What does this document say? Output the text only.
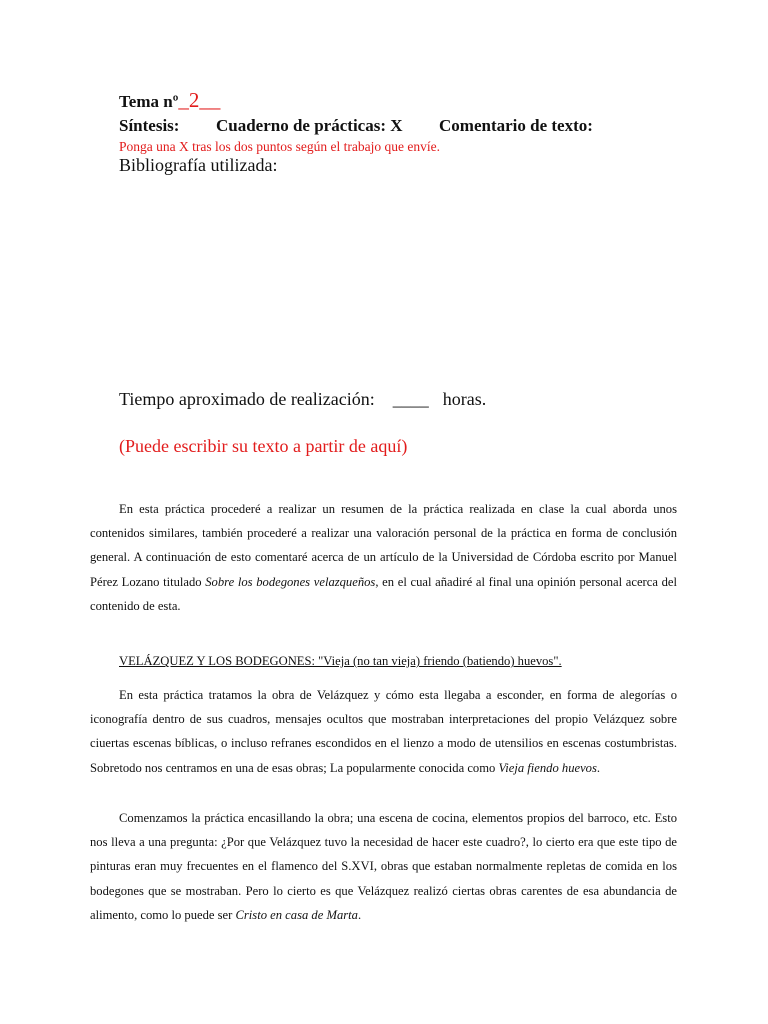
Tema nº_2__
Síntesis: Cuaderno de prácticas: X Comentario de texto:
Ponga una X tras los dos puntos según el trabajo que envíe.
Bibliografía utilizada:
Tiempo aproximado de realización: ____ horas.
(Puede escribir su texto a partir de aquí)

En esta práctica procederé a realizar un resumen de la práctica realizada en clase la cual aborda unos contenidos similares, también procederé a realizar una valoración personal de la práctica en forma de conclusión general. A continuación de esto comentaré acerca de un artículo de la Universidad de Córdoba escrito por Manuel Pérez Lozano titulado Sobre los bodegones velazqueños, en el cual añadiré al final una opinión personal acerca del contenido de esta.

VELÁZQUEZ Y LOS BODEGONES: "Vieja (no tan vieja) friendo (batiendo) huevos".

En esta práctica tratamos la obra de Velázquez y cómo esta llegaba a esconder, en forma de alegorías o iconografía dentro de sus cuadros, mensajes ocultos que mostraban interpretaciones del propio Velázquez sobre ciuertas escenas bíblicas, o incluso refranes escondidos en el lienzo a modo de utensilios en escenas costumbristas. Sobretodo nos centramos en una de esas obras; La popularmente conocida como Vieja fiendo huevos.

Comenzamos la práctica encasillando la obra; una escena de cocina, elementos propios del barroco, etc. Esto nos lleva a una pregunta: ¿Por que Velázquez tuvo la necesidad de hacer este cuadro?, lo cierto era que este tipo de pinturas eran muy frecuentes en el flamenco del S.XVI, obras que estaban normalmente repletas de comida en los bodegones que se mostraban. Pero lo cierto es que Velázquez realizó ciertas obras carentes de esa abundancia de alimento, como lo puede ser Cristo en casa de Marta.
